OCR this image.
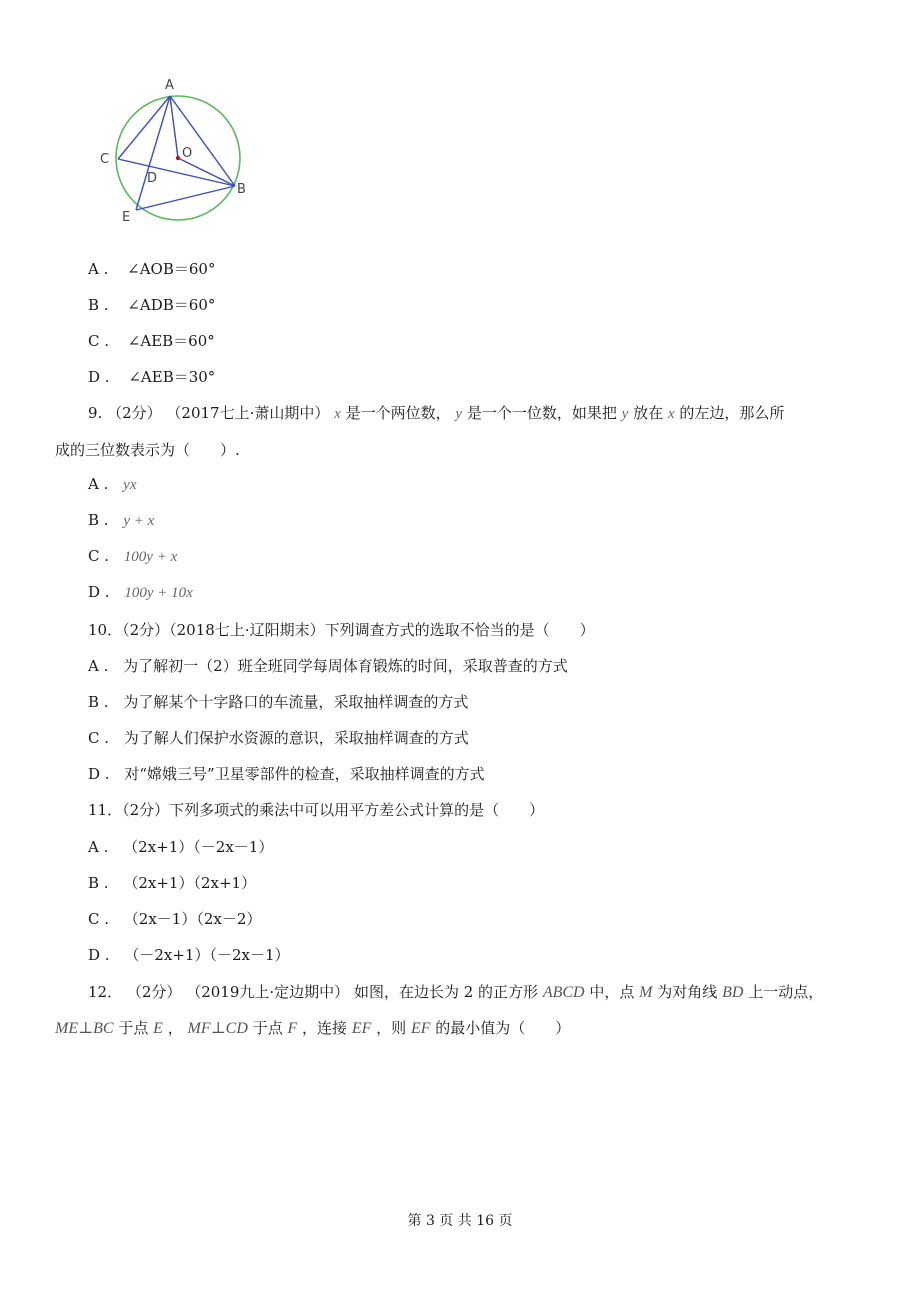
A
O
C
D
B
E
A . ∠AOB＝60°
B . ∠ADB＝60°
C . ∠AEB＝60°
D . ∠AEB＝30°
9. （2分） （2017七上·萧山期中） x 是一个两位数， y 是一个一位数，如果把 y 放在 x 的左边，那么所
成的三位数表示为（　　）.
A . yx
B . y + x
C . 100y + x
D . 100y + 10x
10．（2分）（2018七上·辽阳期末）下列调查方式的选取不恰当的是（　　）
A . 为了解初一（2）班全班同学每周体育锻炼的时间，采取普查的方式
B . 为了解某个十字路口的车流量，采取抽样调查的方式
C . 为了解人们保护水资源的意识，采取抽样调查的方式
D . 对“嫦娥三号”卫星零部件的检查，采取抽样调查的方式
11．（2分）下列多项式的乘法中可以用平方差公式计算的是（　　）
A . （2x+1）（－2x－1）
B . （2x+1）（2x+1）
C . （2x－1）（2x－2）
D . （－2x+1）（－2x－1）
12． （2分） （2019九上·定边期中） 如图，在边长为 2 的正方形 ABCD 中，点 M 为对角线 BD 上一动点，
ME⊥BC 于点 E ， MF⊥CD 于点 F ，连接 EF ，则 EF 的最小值为（　　）
第 3 页 共 16 页
